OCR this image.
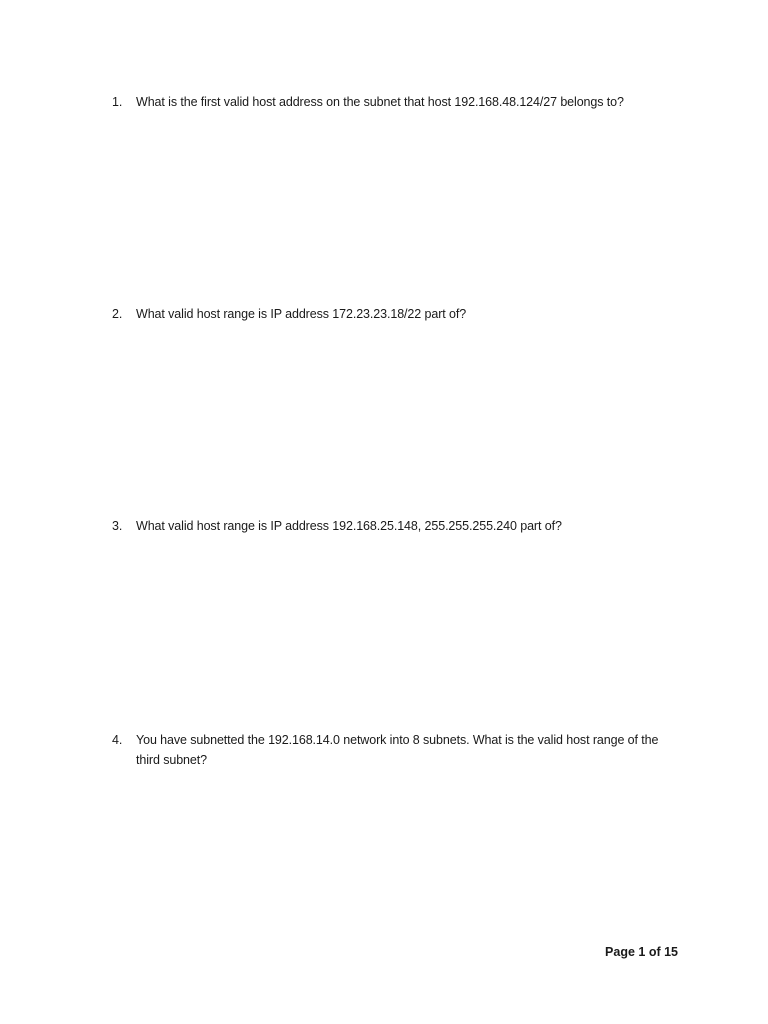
1.	What is the first valid host address on the subnet that host 192.168.48.124/27 belongs to?
2.	What valid host range is IP address 172.23.23.18/22 part of?
3.	What valid host range is IP address 192.168.25.148, 255.255.255.240 part of?
4.	You have subnetted the 192.168.14.0 network into 8 subnets. What is the valid host range of the third subnet?
Page 1 of 15
